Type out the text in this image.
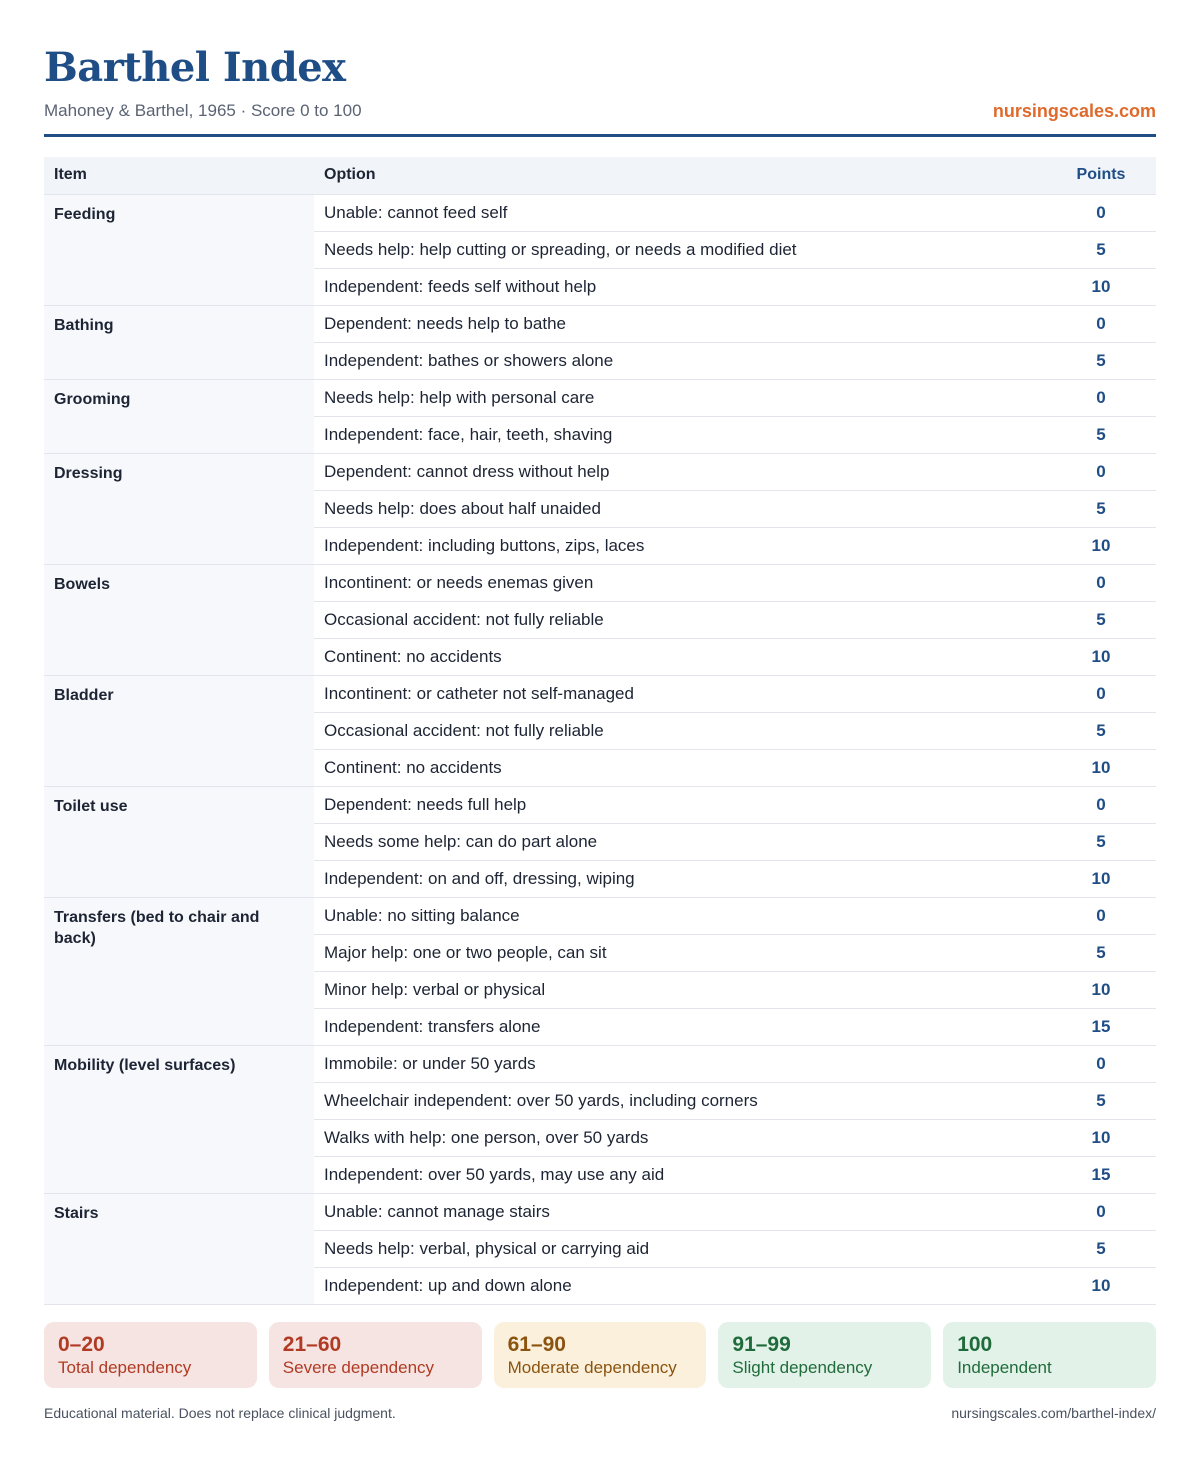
Barthel Index
Mahoney & Barthel, 1965 · Score 0 to 100	nursingscales.com
Item	Option	Points
Feeding	Unable: cannot feed self	0
	Needs help: help cutting or spreading, or needs a modified diet	5
	Independent: feeds self without help	10
Bathing	Dependent: needs help to bathe	0
	Independent: bathes or showers alone	5
Grooming	Needs help: help with personal care	0
	Independent: face, hair, teeth, shaving	5
Dressing	Dependent: cannot dress without help	0
	Needs help: does about half unaided	5
	Independent: including buttons, zips, laces	10
Bowels	Incontinent: or needs enemas given	0
	Occasional accident: not fully reliable	5
	Continent: no accidents	10
Bladder	Incontinent: or catheter not self-managed	0
	Occasional accident: not fully reliable	5
	Continent: no accidents	10
Toilet use	Dependent: needs full help	0
	Needs some help: can do part alone	5
	Independent: on and off, dressing, wiping	10
Transfers (bed to chair and back)	Unable: no sitting balance	0
	Major help: one or two people, can sit	5
	Minor help: verbal or physical	10
	Independent: transfers alone	15
Mobility (level surfaces)	Immobile: or under 50 yards	0
	Wheelchair independent: over 50 yards, including corners	5
	Walks with help: one person, over 50 yards	10
	Independent: over 50 yards, may use any aid	15
Stairs	Unable: cannot manage stairs	0
	Needs help: verbal, physical or carrying aid	5
	Independent: up and down alone	10
0–20
Total dependency
21–60
Severe dependency
61–90
Moderate dependency
91–99
Slight dependency
100
Independent
Educational material. Does not replace clinical judgment.	nursingscales.com/barthel-index/
